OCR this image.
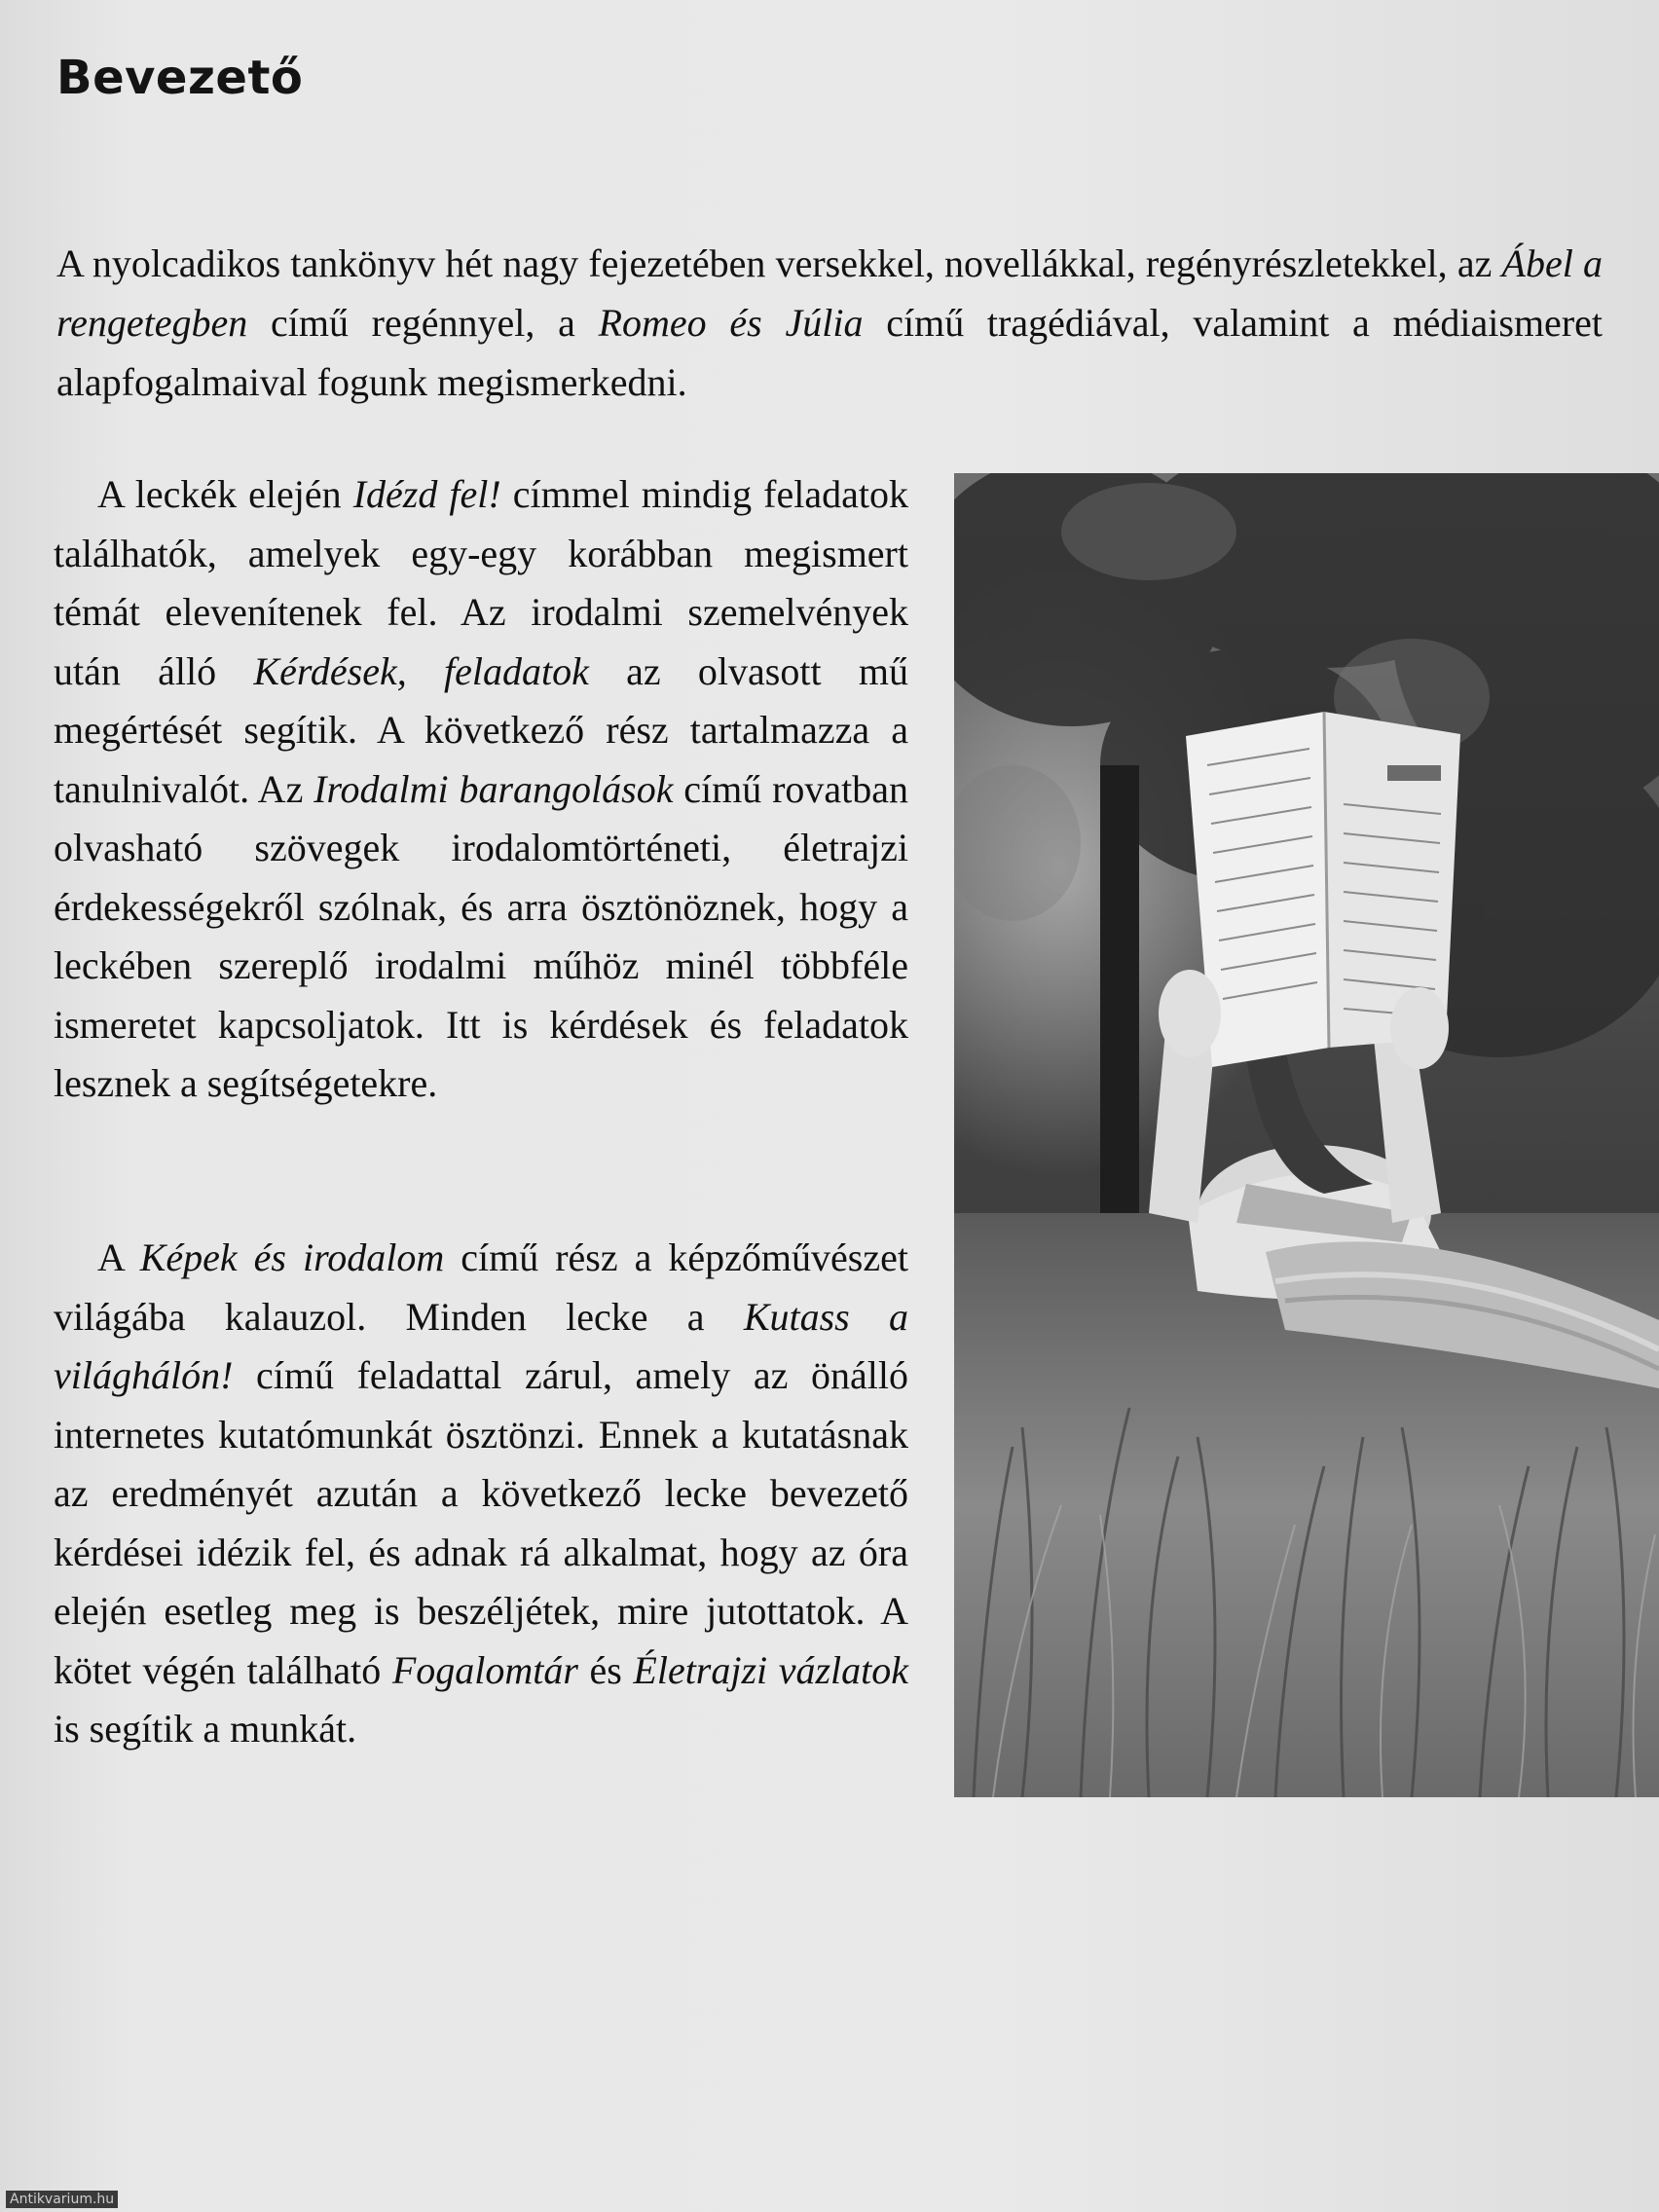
Bevezető

A nyolcadikos tankönyv hét nagy fejezetében versekkel, novellákkal, regényrészletekkel, az Ábel a rengetegben című regénnyel, a Romeo és Júlia című tragédiával, valamint a médiaismeret alapfogalmaival fogunk megismerkedni.

A leckék elején Idézd fel! címmel mindig feladatok találhatók, amelyek egy-egy korábban megismert témát elevenítenek fel. Az irodalmi szemelvények után álló Kérdések, feladatok az olvasott mű megértését segítik. A következő rész tartalmazza a tanulnivalót. Az Irodalmi barangolások című rovatban olvasható szövegek irodalomtörténeti, életrajzi érdekességekről szólnak, és arra ösztönöznek, hogy a leckében szereplő irodalmi műhöz minél többféle ismeretet kapcsoljatok. Itt is kérdések és feladatok lesznek a segítségetekre.

A Képek és irodalom című rész a képzőművészet világába kalauzol. Minden lecke a Kutass a világhálón! című feladattal zárul, amely az önálló internetes kutatómunkát ösztönzi. Ennek a kutatásnak az eredményét azután a következő lecke bevezető kérdései idézik fel, és adnak rá alkalmat, hogy az óra elején esetleg meg is beszéljétek, mire jutottatok. A kötet végén található Fogalomtár és Életrajzi vázlatok is segítik a munkát.

Antikvarium.hu
